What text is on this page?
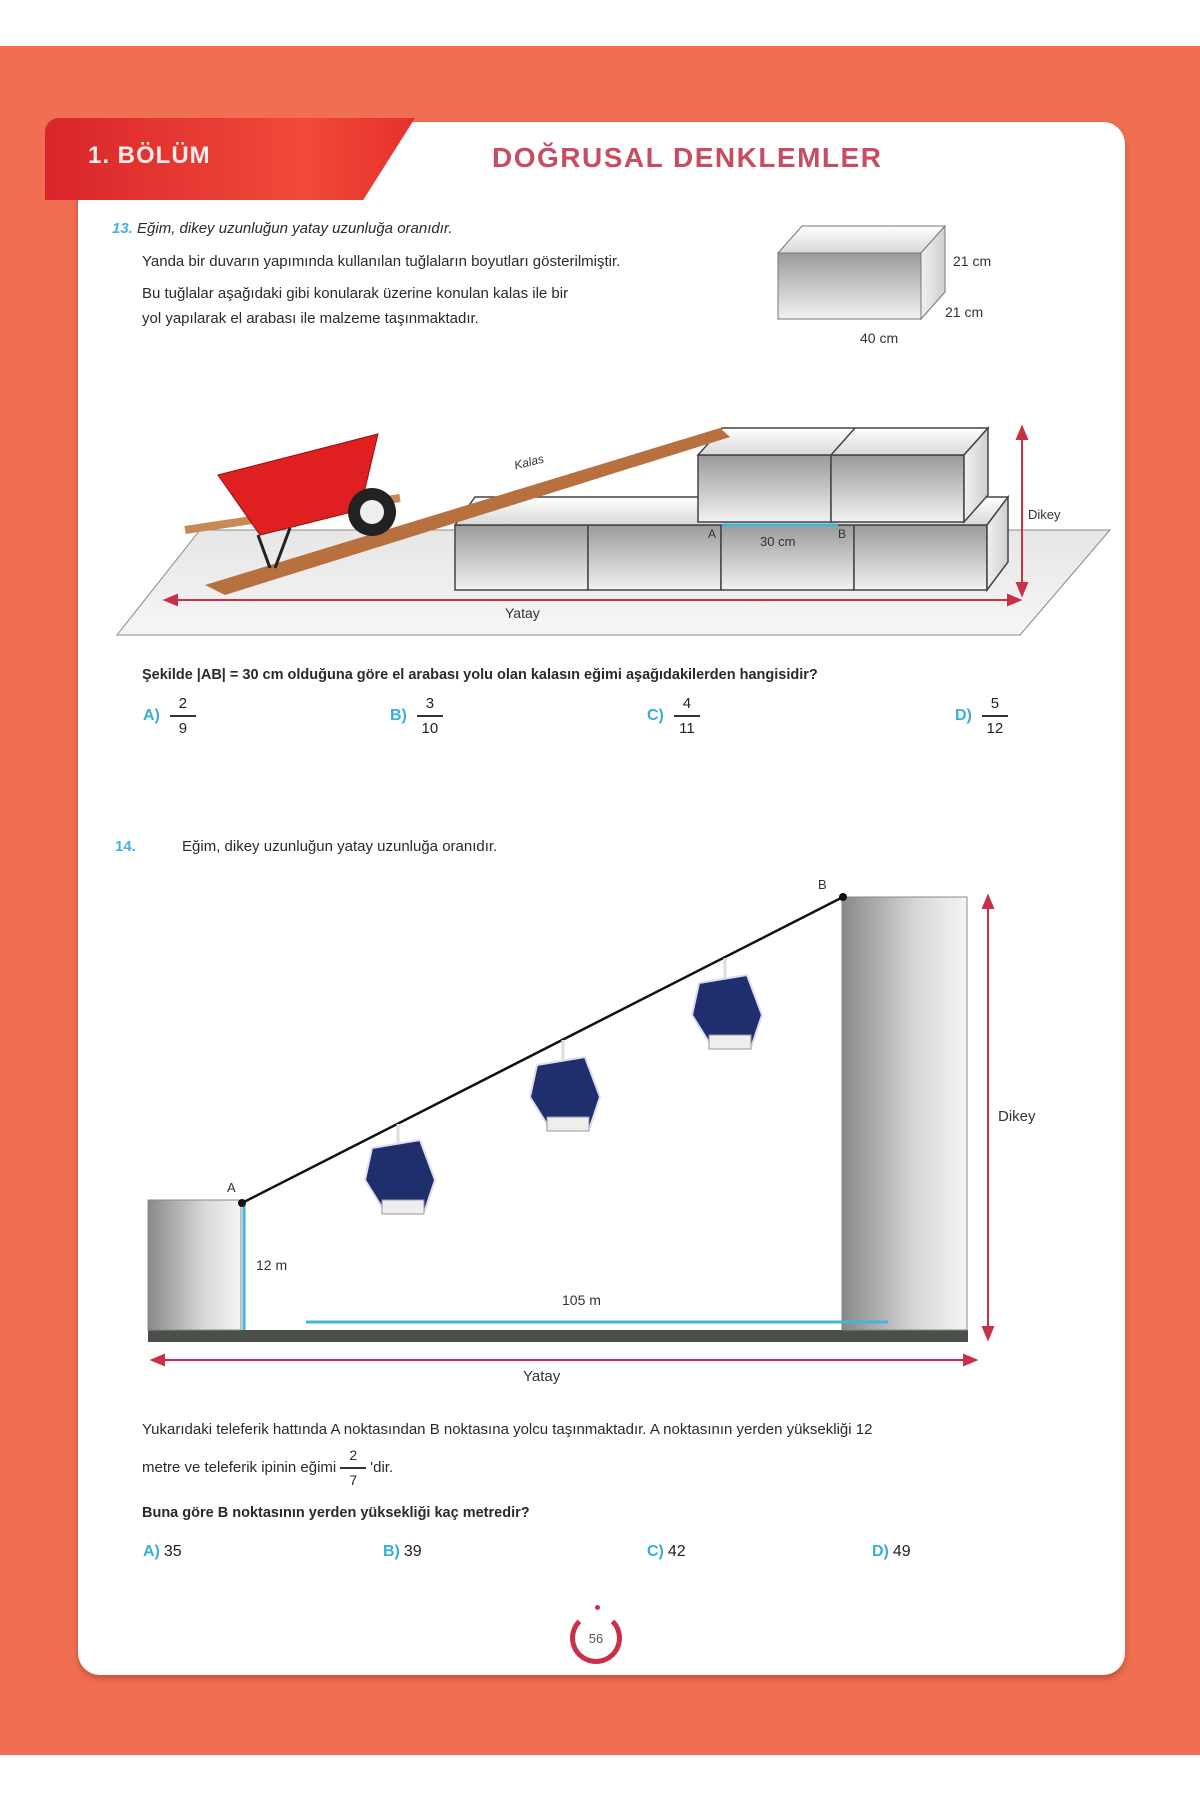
1. BÖLÜM	DOĞRUSAL DENKLEMLER
13. Eğim, dikey uzunluğun yatay uzunluğa oranıdır.
Yanda bir duvarın yapımında kullanılan tuğlaların boyutları gösterilmiştir.
Bu tuğlalar aşağıdaki gibi konularak üzerine konulan kalas ile bir
yol yapılarak el arabası ile malzeme taşınmaktadır.
21 cm
21 cm
40 cm
Kalas
A	B
30 cm
Dikey
Yatay
Şekilde |AB| = 30 cm olduğuna göre el arabası yolu olan kalasın eğimi aşağıdakilerden hangisidir?
$A) \frac{2}{9}$	$B) \frac{3}{10}$	$C) \frac{4}{11}$	$D) \frac{5}{12}$
14.	Eğim, dikey uzunluğun yatay uzunluğa oranıdır.
A
B
12 m
105 m
Dikey
Yatay
Yukarıdaki teleferik hattında A noktasından B noktasına yolcu taşınmaktadır. A noktasının yerden yüksekliği 12
metre ve teleferik ipinin eğimi $\frac{2}{7}$ 'dir.
Buna göre B noktasının yerden yüksekliği kaç metredir?
A) 35	B) 39	C) 42	D) 49
56
